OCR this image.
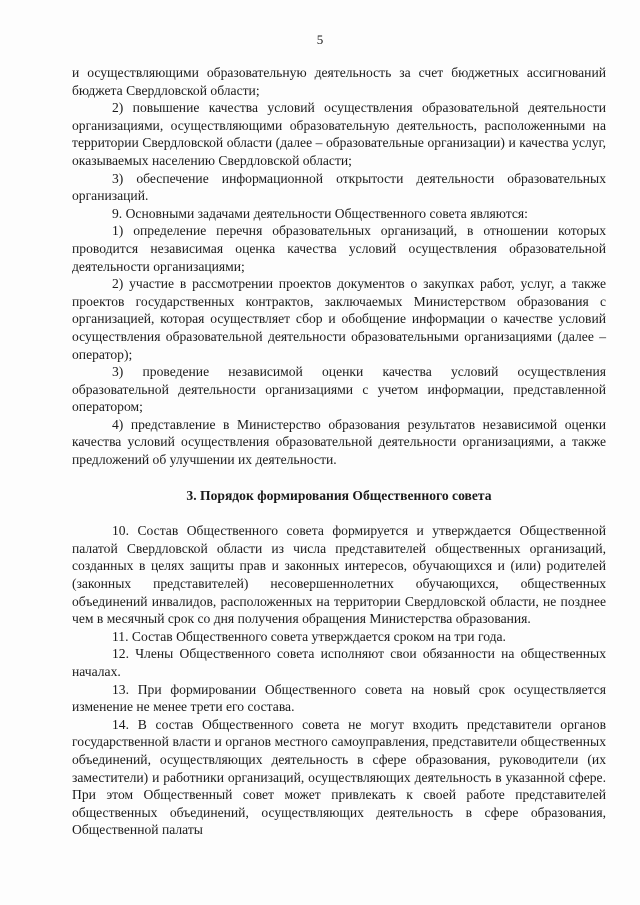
5

и осуществляющими образовательную деятельность за счет бюджетных ассигнований бюджета Свердловской области;

2) повышение качества условий осуществления образовательной деятельности организациями, осуществляющими образовательную деятельность, расположенными на территории Свердловской области (далее – образовательные организации) и качества услуг, оказываемых населению Свердловской области;

3) обеспечение информационной открытости деятельности образовательных организаций.

9. Основными задачами деятельности Общественного совета являются:

1) определение перечня образовательных организаций, в отношении которых проводится независимая оценка качества условий осуществления образовательной деятельности организациями;

2) участие в рассмотрении проектов документов о закупках работ, услуг, а также проектов государственных контрактов, заключаемых Министерством образования с организацией, которая осуществляет сбор и обобщение информации о качестве условий осуществления образовательной деятельности образовательными организациями (далее – оператор);

3) проведение независимой оценки качества условий осуществления образовательной деятельности организациями с учетом информации, представленной оператором;

4) представление в Министерство образования результатов независимой оценки качества условий осуществления образовательной деятельности организациями, а также предложений об улучшении их деятельности.

3. Порядок формирования Общественного совета

10. Состав Общественного совета формируется и утверждается Общественной палатой Свердловской области из числа представителей общественных организаций, созданных в целях защиты прав и законных интересов, обучающихся и (или) родителей (законных представителей) несовершеннолетних обучающихся, общественных объединений инвалидов, расположенных на территории Свердловской области, не позднее чем в месячный срок со дня получения обращения Министерства образования.

11. Состав Общественного совета утверждается сроком на три года.

12. Члены Общественного совета исполняют свои обязанности на общественных началах.

13. При формировании Общественного совета на новый срок осуществляется изменение не менее трети его состава.

14. В состав Общественного совета не могут входить представители органов государственной власти и органов местного самоуправления, представители общественных объединений, осуществляющих деятельность в сфере образования, руководители (их заместители) и работники организаций, осуществляющих деятельность в указанной сфере. При этом Общественный совет может привлекать к своей работе представителей общественных объединений, осуществляющих деятельность в сфере образования, Общественной палаты
